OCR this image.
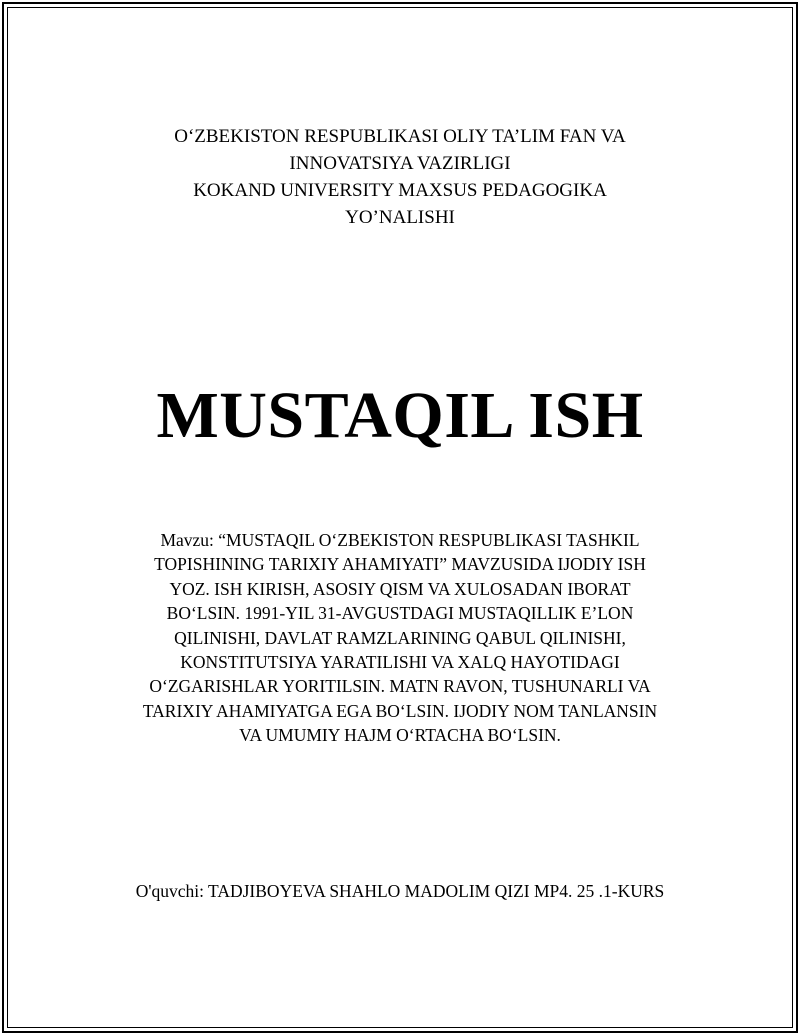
O‘ZBEKISTON RESPUBLIKASI OLIY TA’LIM FAN VA
INNOVATSIYA VAZIRLIGI
KOKAND UNIVERSITY MAXSUS PEDAGOGIKA
YO’NALISHI
MUSTAQIL ISH
Mavzu: “MUSTAQIL O‘ZBEKISTON RESPUBLIKASI TASHKIL
TOPISHINING TARIXIY AHAMIYATI” MAVZUSIDA IJODIY ISH
YOZ. ISH KIRISH, ASOSIY QISM VA XULOSADAN IBORAT
BO‘LSIN. 1991-YIL 31-AVGUSTDAGI MUSTAQILLIK E’LON
QILINISHI, DAVLAT RAMZLARINING QABUL QILINISHI,
KONSTITUTSIYA YARATILISHI VA XALQ HAYOTIDAGI
O‘ZGARISHLAR YORITILSIN. MATN RAVON, TUSHUNARLI VA
TARIXIY AHAMIYATGA EGA BO‘LSIN. IJODIY NOM TANLANSIN
VA UMUMIY HAJM O‘RTACHA BO‘LSIN.
O'quvchi: TADJIBOYEVA SHAHLO MADOLIM QIZI MP4. 25 .1-KURS
